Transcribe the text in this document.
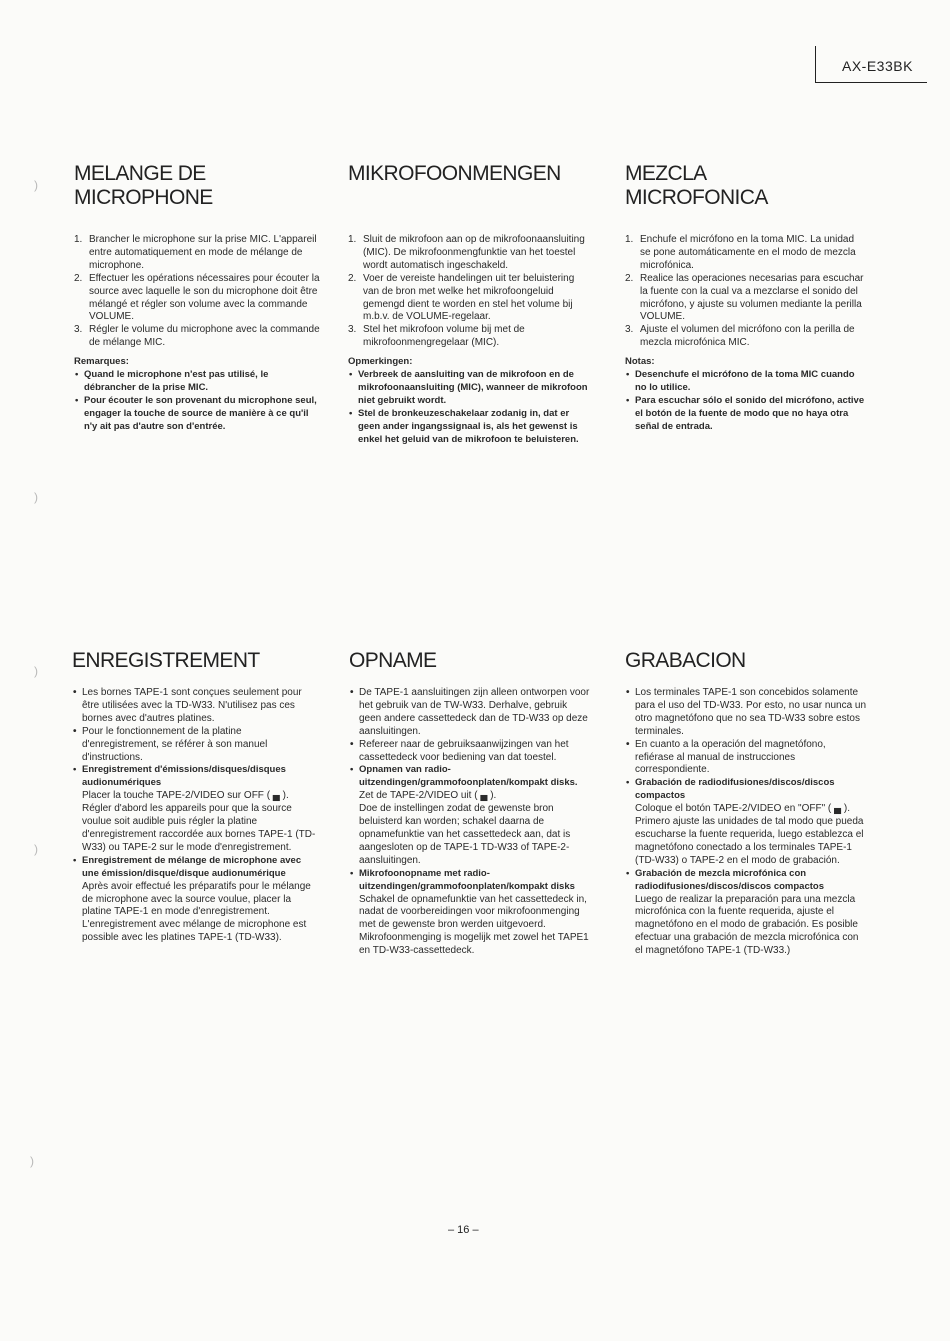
AX-E33BK
MELANGE DE
MICROPHONE
1. Brancher le microphone sur la prise MIC. L'appareil entre automatiquement en mode de mélange de microphone.
2. Effectuer les opérations nécessaires pour écouter la source avec laquelle le son du microphone doit être mélangé et régler son volume avec la commande VOLUME.
3. Régler le volume du microphone avec la commande de mélange MIC.
Remarques:
• Quand le microphone n'est pas utilisé, le débrancher de la prise MIC.
• Pour écouter le son provenant du microphone seul, engager la touche de source de manière à ce qu'il n'y ait pas d'autre son d'entrée.
MIKROFOONMENGEN
1. Sluit de mikrofoon aan op de mikrofoonaansluiting (MIC). De mikrofoonmengfunktie van het toestel wordt automatisch ingeschakeld.
2. Voer de vereiste handelingen uit ter beluistering van de bron met welke het mikrofoongeluid gemengd dient te worden en stel het volume bij m.b.v. de VOLUME-regelaar.
3. Stel het mikrofoon volume bij met de mikrofoonmengregelaar (MIC).
Opmerkingen:
• Verbreek de aansluiting van de mikrofoon en de mikrofoonaansluiting (MIC), wanneer de mikrofoon niet gebruikt wordt.
• Stel de bronkeuzeschakelaar zodanig in, dat er geen ander ingangssignaal is, als het gewenst is enkel het geluid van de mikrofoon te beluisteren.
MEZCLA
MICROFONICA
1. Enchufe el micrófono en la toma MIC. La unidad se pone automáticamente en el modo de mezcla microfónica.
2. Realice las operaciones necesarias para escuchar la fuente con la cual va a mezclarse el sonido del micrófono, y ajuste su volumen mediante la perilla VOLUME.
3. Ajuste el volumen del micrófono con la perilla de mezcla microfónica MIC.
Notas:
• Desenchufe el micrófono de la toma MIC cuando no lo utilice.
• Para escuchar sólo el sonido del micrófono, active el botón de la fuente de modo que no haya otra señal de entrada.
ENREGISTREMENT
• Les bornes TAPE-1 sont conçues seulement pour être utilisées avec la TD-W33. N'utilisez pas ces bornes avec d'autres platines.
• Pour le fonctionnement de la platine d'enregistrement, se référer à son manuel d'instructions.
• Enregistrement d'émissions/disques/disques audionumériques
Placer la touche TAPE-2/VIDEO sur OFF ( ▄ ).
Régler d'abord les appareils pour que la source voulue soit audible puis régler la platine d'enregistrement raccordée aux bornes TAPE-1 (TD-W33) ou TAPE-2 sur le mode d'enregistrement.
• Enregistrement de mélange de microphone avec une émission/disque/disque audionumérique
Après avoir effectué les préparatifs pour le mélange de microphone avec la source voulue, placer la platine TAPE-1 en mode d'enregistrement. L'enregistrement avec mélange de microphone est possible avec les platines TAPE-1 (TD-W33).
OPNAME
• De TAPE-1 aansluitingen zijn alleen ontworpen voor het gebruik van de TW-W33. Derhalve, gebruik geen andere cassettedeck dan de TD-W33 op deze aansluitingen.
• Refereer naar de gebruiksaanwijzingen van het cassettedeck voor bediening van dat toestel.
• Opnamen van radio-uitzendingen/grammofoonplaten/kompakt disks.
Zet de TAPE-2/VIDEO uit ( ▄ ).
Doe de instellingen zodat de gewenste bron beluisterd kan worden; schakel daarna de opnamefunktie van het cassettedeck aan, dat is aangesloten op de TAPE-1 TD-W33 of TAPE-2-aansluitingen.
• Mikrofoonopname met radio-uitzendingen/grammofoonplaten/kompakt disks
Schakel de opnamefunktie van het cassettedeck in, nadat de voorbereidingen voor mikrofoonmenging met de gewenste bron werden uitgevoerd. Mikrofoonmenging is mogelijk met zowel het TAPE1 en TD-W33-cassettedeck.
GRABACION
• Los terminales TAPE-1 son concebidos solamente para el uso del TD-W33. Por esto, no usar nunca un otro magnetófono que no sea TD-W33 sobre estos terminales.
• En cuanto a la operación del magnetófono, refiérase al manual de instrucciones correspondiente.
• Grabación de radiodifusiones/discos/discos compactos
Coloque el botón TAPE-2/VIDEO en "OFF" ( ▄ ).
Primero ajuste las unidades de tal modo que pueda escucharse la fuente requerida, luego establezca el magnetófono conectado a los terminales TAPE-1 (TD-W33) o TAPE-2 en el modo de grabación.
• Grabación de mezcla microfónica con radiodifusiones/discos/discos compactos
Luego de realizar la preparación para una mezcla microfónica con la fuente requerida, ajuste el magnetófono en el modo de grabación. Es posible efectuar una grabación de mezcla microfónica con el magnetófono TAPE-1 (TD-W33.)
– 16 –
)
)
)
)
)
